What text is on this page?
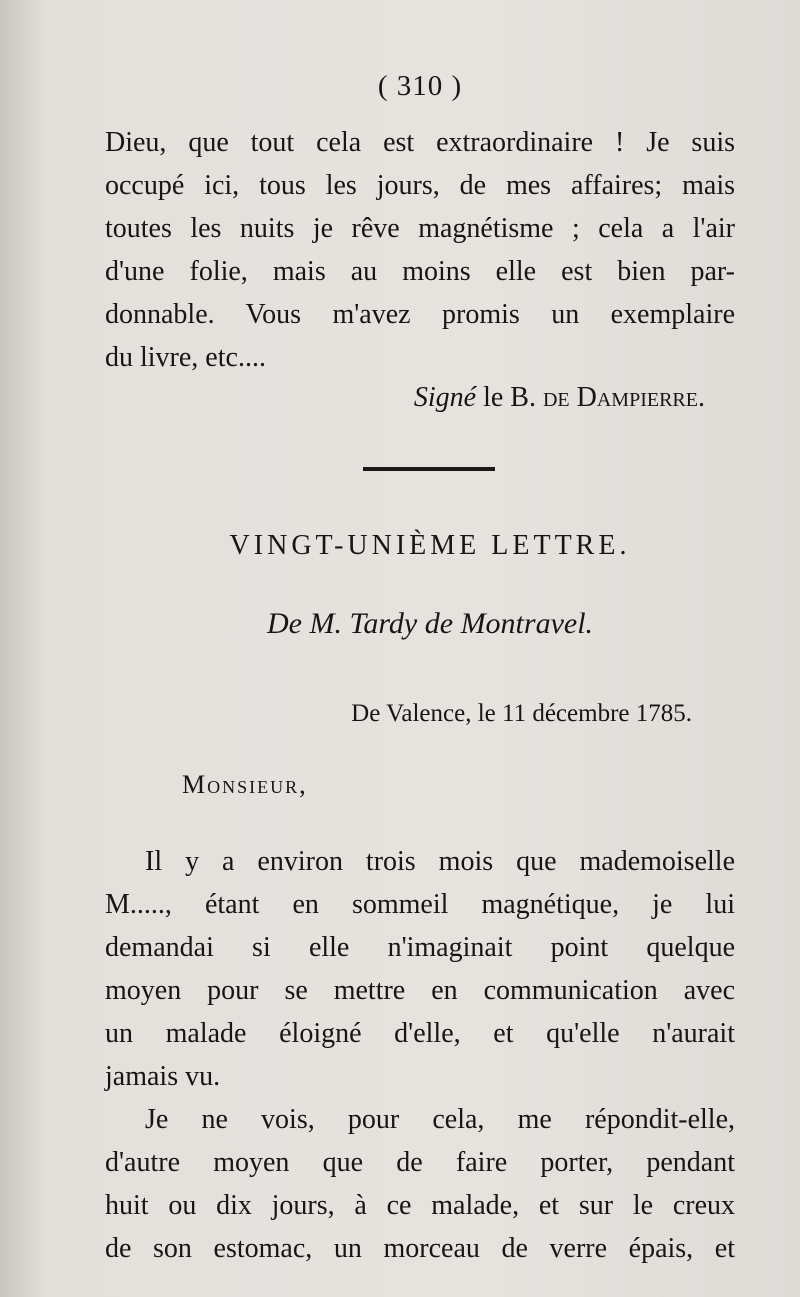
( 310 )
Dieu, que tout cela est extraordinaire ! Je suis
occupé ici, tous les jours, de mes affaires; mais
toutes les nuits je rêve magnétisme ; cela a l'air
d'une folie, mais au moins elle est bien par-
donnable. Vous m'avez promis un exemplaire
du livre, etc....
Signé le B. de Dampierre.
VINGT-UNIÈME LETTRE.
De M. Tardy de Montravel.
De Valence, le 11 décembre 1785.
Monsieur,
Il y a environ trois mois que mademoiselle
M....., étant en sommeil magnétique, je lui
demandai si elle n'imaginait point quelque
moyen pour se mettre en communication avec
un malade éloigné d'elle, et qu'elle n'aurait
jamais vu.
Je ne vois, pour cela, me répondit-elle,
d'autre moyen que de faire porter, pendant
huit ou dix jours, à ce malade, et sur le creux
de son estomac, un morceau de verre épais, et
